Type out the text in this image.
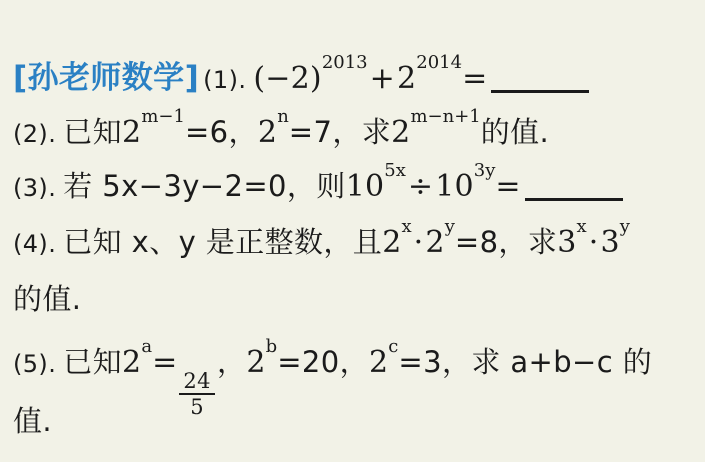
[孙老师数学] (1). $(-2)^{2013}+2^{2014}=$
(2). 已知$2^{m-1}=6$，$2^n=7$，求$2^{m-n+1}$的值.
(3). 若 5x−3y−2=0，则$10^{5x}\div 10^{3y}=$
(4). 已知 x、y 是正整数，且$2^x\cdot 2^y=8$，求$3^x\cdot 3^y$
的值.
(5). 已知$2^a=$
$\frac{24}{5}$
，$2^b=20$，$2^c=3$，求 a+b−c 的
值.
